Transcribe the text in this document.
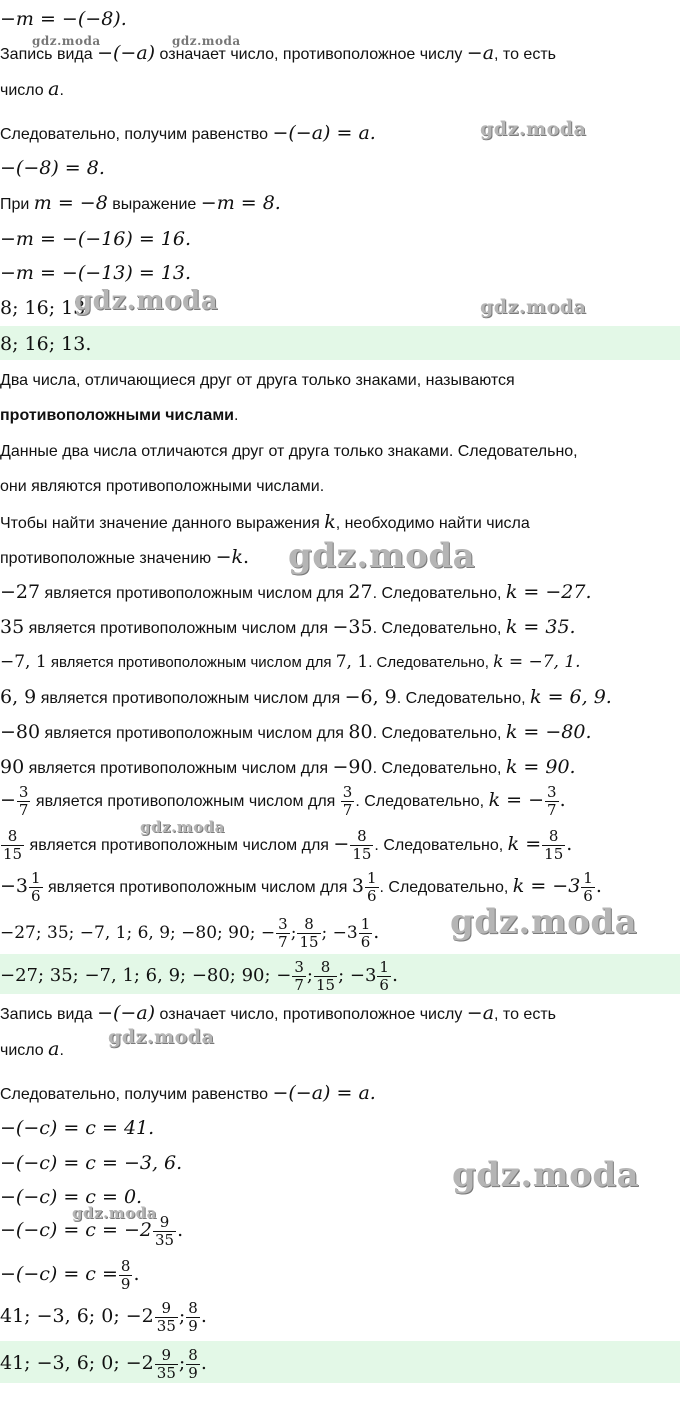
−m = −(−8).
Запись вида −(−a) означает число, противоположное числу −a, то есть
число a.
Следовательно, получим равенство −(−a) = a.
−(−8) = 8.
При m = −8 выражение −m = 8.
−m = −(−16) = 16.
−m = −(−13) = 13.
8; 16; 13.
8; 16; 13.
Два числа, отличающиеся друг от друга только знаками, называются
противоположными числами.
Данные два числа отличаются друг от друга только знаками. Следовательно,
они являются противоположными числами.
Чтобы найти значение данного выражения k, необходимо найти числа
противоположные значению −k.
−27 является противоположным числом для 27. Следовательно, k = −27.
35 является противоположным числом для −35. Следовательно, k = 35.
−7, 1 является противоположным числом для 7, 1. Следовательно, k = −7, 1.
6, 9 является противоположным числом для −6, 9. Следовательно, k = 6, 9.
−80 является противоположным числом для 80. Следовательно, k = −80.
90 является противоположным числом для −90. Следовательно, k = 90.
− $\frac{3}{7}$ является противоположным числом для $\frac{3}{7}$ . Следовательно, k = − $\frac{3}{7}$ .
$\frac{8}{15}$ является противоположным числом для − $\frac{8}{15}$ . Следовательно, $k = \frac{8}{15}$ .
$-3 \frac{1}{6}$ является противоположным числом для $3 \frac{1}{6}$ . Следовательно, $k = -3 \frac{1}{6}$ .
−27; 35; −7, 1; 6, 9; −80; 90; − $\frac{3}{7}$ ; $\frac{8}{15}$ ; $-3 \frac{1}{6}$ .
−27; 35; −7, 1; 6, 9; −80; 90; − $\frac{3}{7}$ ; $\frac{8}{15}$ ; $-3 \frac{1}{6}$ .
Запись вида −(−a) означает число, противоположное числу −a, то есть
число a.
Следовательно, получим равенство −(−a) = a.
−(−c) = c = 41.
−(−c) = c = −3, 6.
−(−c) = c = 0.
$-(-c) = c = -2 \frac{9}{35}$ .
$-(-c) = c = \frac{8}{9}$ .
41; −3, 6; 0; $-2 \frac{9}{35}$ ; $\frac{8}{9}$ .
41; −3, 6; 0; $-2 \frac{9}{35}$ ; $\frac{8}{9}$ .
gdz.moda	gdz.moda
gdz.moda
gdz.moda	gdz.moda
gdz.moda
gdz.moda
gdz.moda
gdz.moda
gdz.moda
gdz.moda
